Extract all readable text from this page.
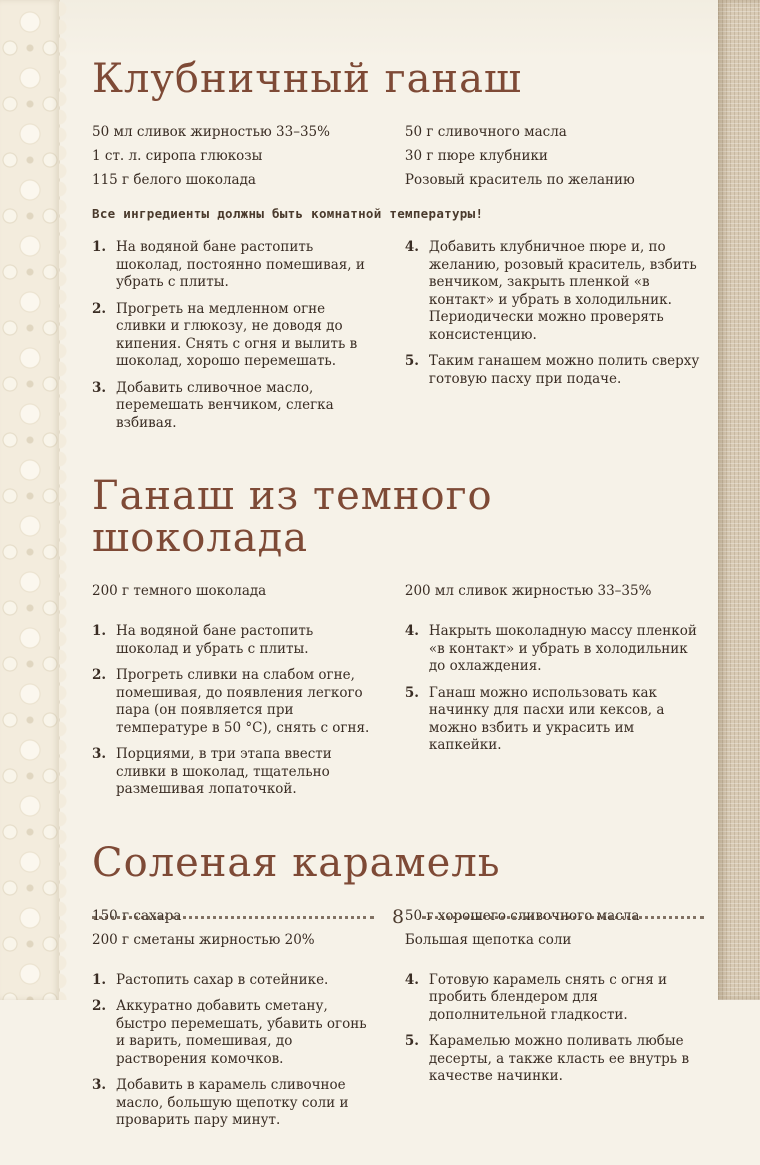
Клубничный ганаш
50 мл сливок жирностью 33–35%
1 ст. л. сиропа глюкозы
115 г белого шоколада
50 г сливочного масла
30 г пюре клубники
Розовый краситель по желанию

Все ингредиенты должны быть комнатной температуры!

1. На водяной бане растопить шоколад, постоянно помешивая, и убрать с плиты.
2. Прогреть на медленном огне сливки и глюкозу, не доводя до кипения. Снять с огня и вылить в шоколад, хорошо перемешать.
3. Добавить сливочное масло, перемешать венчиком, слегка взбивая.
4. Добавить клубничное пюре и, по желанию, розовый краситель, взбить венчиком, закрыть пленкой «в контакт» и убрать в холодильник. Периодически можно проверять консистенцию.
5. Таким ганашем можно полить сверху готовую пасху при подаче.
Ганаш из темного шоколада
200 г темного шоколада	200 мл сливок жирностью 33–35%
1. На водяной бане растопить шоколад и убрать с плиты.
2. Прогреть сливки на слабом огне, помешивая, до появления легкого пара (он появляется при температуре в 50 °С), снять с огня.
3. Порциями, в три этапа ввести сливки в шоколад, тщательно размешивая лопаточкой.
4. Накрыть шоколадную массу пленкой «в контакт» и убрать в холодильник до охлаждения.
5. Ганаш можно использовать как начинку для пасхи или кексов, а можно взбить и украсить им капкейки.
Соленая карамель
150 г сахара
200 г сметаны жирностью 20%
50 г хорошего сливочного масла
Большая щепотка соли
1. Растопить сахар в сотейнике.
2. Аккуратно добавить сметану, быстро перемешать, убавить огонь и варить, помешивая, до растворения комочков.
3. Добавить в карамель сливочное масло, большую щепотку соли и проварить пару минут.
4. Готовую карамель снять с огня и пробить блендером для дополнительной гладкости.
5. Карамелью можно поливать любые десерты, а также класть ее внутрь в качестве начинки.
8
